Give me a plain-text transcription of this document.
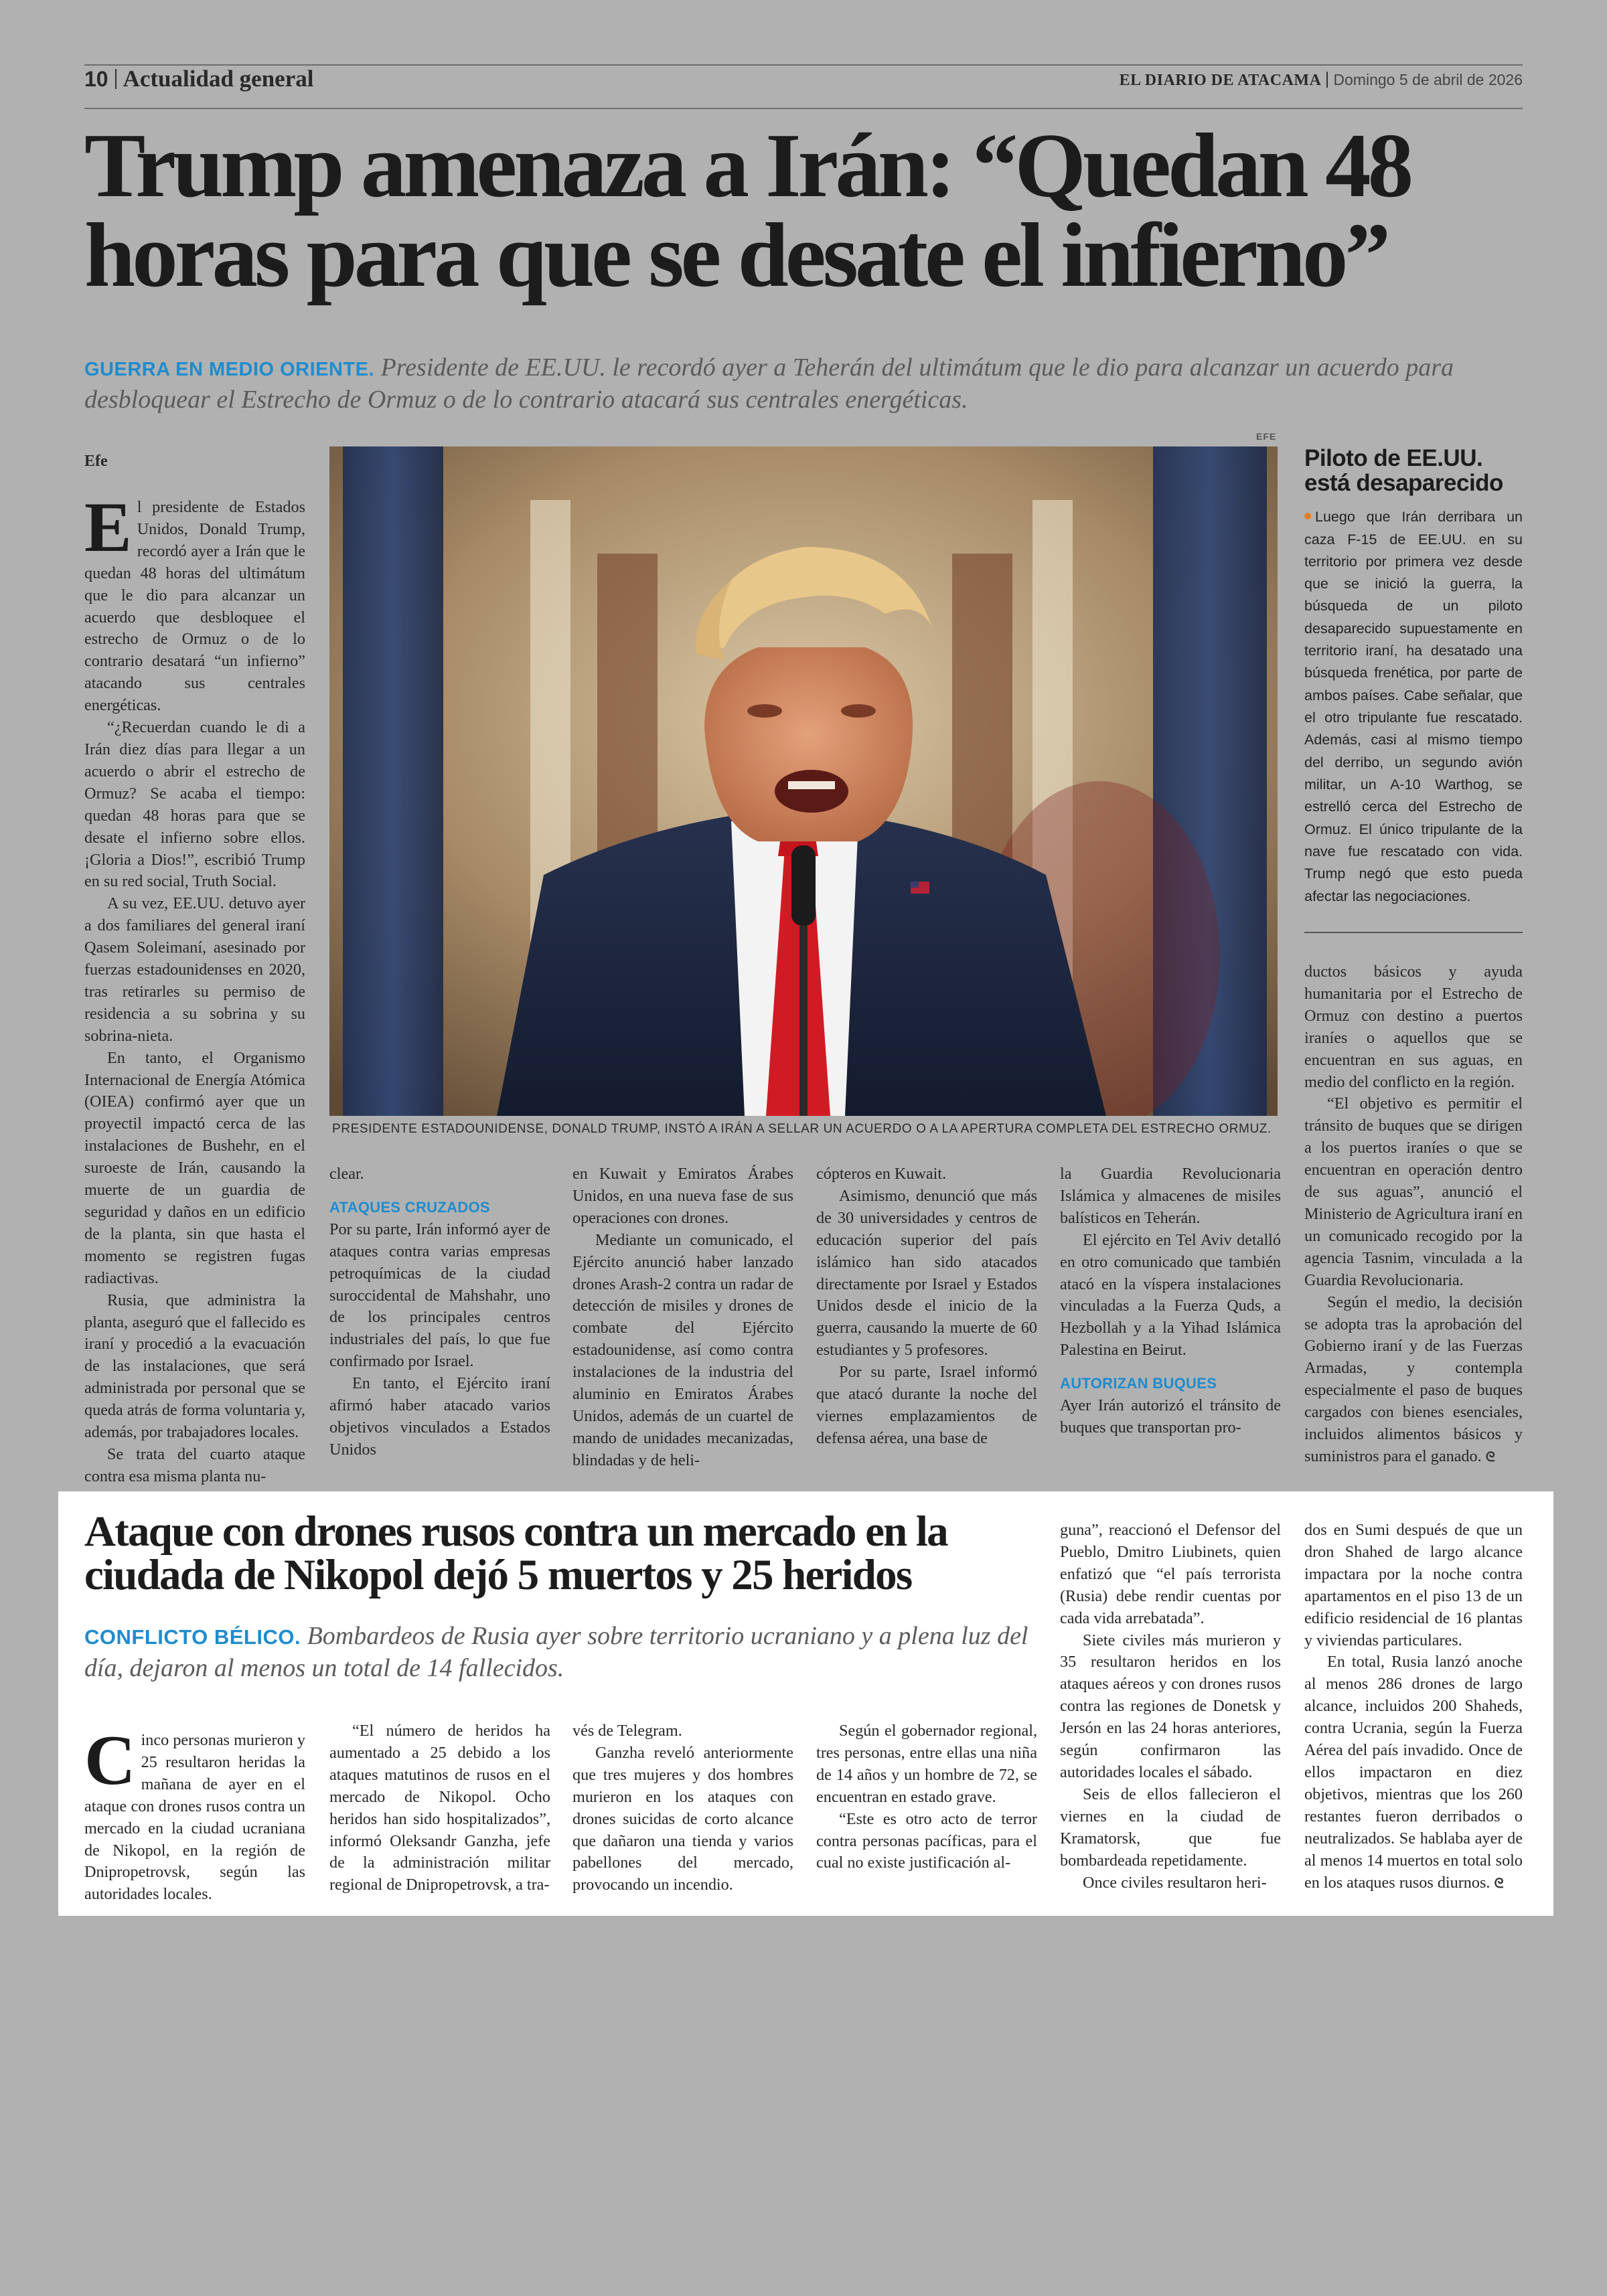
10 Actualidad general	EL DIARIO DE ATACAMA Domingo 5 de abril de 2026
Trump amenaza a Irán: “Quedan 48 horas para que se desate el infierno”

GUERRA EN MEDIO ORIENTE. Presidente de EE.UU. le recordó ayer a Teherán del ultimátum que le dio para alcanzar un acuerdo para desbloquear el Estrecho de Ormuz o de lo contrario atacará sus centrales energéticas.

Efe

El presidente de Estados Unidos, Donald Trump, recordó ayer a Irán que le quedan 48 horas del ultimátum que le dio para alcanzar un acuerdo que desbloquee el estrecho de Ormuz o de lo contrario desatará “un infierno” atacando sus centrales energéticas.

“¿Recuerdan cuando le di a Irán diez días para llegar a un acuerdo o abrir el estrecho de Ormuz? Se acaba el tiempo: quedan 48 horas para que se desate el infierno sobre ellos. ¡Gloria a Dios!”, escribió Trump en su red social, Truth Social.

A su vez, EE.UU. detuvo ayer a dos familiares del general iraní Qasem Soleimaní, asesinado por fuerzas estadounidenses en 2020, tras retirarles su permiso de residencia a su sobrina y su sobrina-nieta.

En tanto, el Organismo Internacional de Energía Atómica (OIEA) confirmó ayer que un proyectil impactó cerca de las instalaciones de Bushehr, en el suroeste de Irán, causando la muerte de un guardia de seguridad y daños en un edificio de la planta, sin que hasta el momento se registren fugas radiactivas.

Rusia, que administra la planta, aseguró que el fallecido es iraní y procedió a la evacuación de las instalaciones, que será administrada por personal que se queda atrás de forma voluntaria y, además, por trabajadores locales.

Se trata del cuarto ataque contra esa misma planta nu-

EFE

PRESIDENTE ESTADOUNIDENSE, DONALD TRUMP, INSTÓ A IRÁN A SELLAR UN ACUERDO O A LA APERTURA COMPLETA DEL ESTRECHO ORMUZ.

Piloto de EE.UU. está desaparecido

Luego que Irán derribara un caza F-15 de EE.UU. en su territorio por primera vez desde que se inició la guerra, la búsqueda de un piloto desaparecido supuestamente en territorio iraní, ha desatado una búsqueda frenética, por parte de ambos países. Cabe señalar, que el otro tripulante fue rescatado. Además, casi al mismo tiempo del derribo, un segundo avión militar, un A-10 Warthog, se estrelló cerca del Estrecho de Ormuz. El único tripulante de la nave fue rescatado con vida. Trump negó que esto pueda afectar las negociaciones.

clear.

ATAQUES CRUZADOS

Por su parte, Irán informó ayer de ataques contra varias empresas petroquímicas de la ciudad suroccidental de Mahshahr, uno de los principales centros industriales del país, lo que fue confirmado por Israel.

En tanto, el Ejército iraní afirmó haber atacado varios objetivos vinculados a Estados Unidos

en Kuwait y Emiratos Árabes Unidos, en una nueva fase de sus operaciones con drones.

Mediante un comunicado, el Ejército anunció haber lanzado drones Arash-2 contra un radar de detección de misiles y drones de combate del Ejército estadounidense, así como contra instalaciones de la industria del aluminio en Emiratos Árabes Unidos, además de un cuartel de mando de unidades mecanizadas, blindadas y de heli-

cópteros en Kuwait.

Asimismo, denunció que más de 30 universidades y centros de educación superior del país islámico han sido atacados directamente por Israel y Estados Unidos desde el inicio de la guerra, causando la muerte de 60 estudiantes y 5 profesores.

Por su parte, Israel informó que atacó durante la noche del viernes emplazamientos de defensa aérea, una base de

la Guardia Revolucionaria Islámica y almacenes de misiles balísticos en Teherán.

El ejército en Tel Aviv detalló en otro comunicado que también atacó en la víspera instalaciones vinculadas a la Fuerza Quds, a Hezbollah y a la Yihad Islámica Palestina en Beirut.

AUTORIZAN BUQUES

Ayer Irán autorizó el tránsito de buques que transportan pro-

ductos básicos y ayuda humanitaria por el Estrecho de Ormuz con destino a puertos iraníes o aquellos que se encuentran en sus aguas, en medio del conflicto en la región.

“El objetivo es permitir el tránsito de buques que se dirigen a los puertos iraníes o que se encuentran en operación dentro de sus aguas”, anunció el Ministerio de Agricultura iraní en un comunicado recogido por la agencia Tasnim, vinculada a la Guardia Revolucionaria.

Según el medio, la decisión se adopta tras la aprobación del Gobierno iraní y de las Fuerzas Armadas, y contempla especialmente el paso de buques cargados con bienes esenciales, incluidos alimentos básicos y suministros para el ganado. ᘓ

Ataque con drones rusos contra un mercado en la ciudada de Nikopol dejó 5 muertos y 25 heridos

CONFLICTO BÉLICO. Bombardeos de Rusia ayer sobre territorio ucraniano y a plena luz del día, dejaron al menos un total de 14 fallecidos.

Cinco personas murieron y 25 resultaron heridas la mañana de ayer en el ataque con drones rusos contra un mercado en la ciudad ucraniana de Nikopol, en la región de Dnipropetrovsk, según las autoridades locales.

“El número de heridos ha aumentado a 25 debido a los ataques matutinos de rusos en el mercado de Nikopol. Ocho heridos han sido hospitalizados”, informó Oleksandr Ganzha, jefe de la administración militar regional de Dnipropetrovsk, a tra-

vés de Telegram.

Ganzha reveló anteriormente que tres mujeres y dos hombres murieron en los ataques con drones suicidas de corto alcance que dañaron una tienda y varios pabellones del mercado, provocando un incendio.

Según el gobernador regional, tres personas, entre ellas una niña de 14 años y un hombre de 72, se encuentran en estado grave.

“Este es otro acto de terror contra personas pacíficas, para el cual no existe justificación al-

guna”, reaccionó el Defensor del Pueblo, Dmitro Liubinets, quien enfatizó que “el país terrorista (Rusia) debe rendir cuentas por cada vida arrebatada”.

Siete civiles más murieron y 35 resultaron heridos en los ataques aéreos y con drones rusos contra las regiones de Donetsk y Jersón en las 24 horas anteriores, según confirmaron las autoridades locales el sábado.

Seis de ellos fallecieron el viernes en la ciudad de Kramatorsk, que fue bombardeada repetidamente.

Once civiles resultaron heri-

dos en Sumi después de que un dron Shahed de largo alcance impactara por la noche contra apartamentos en el piso 13 de un edificio residencial de 16 plantas y viviendas particulares.

En total, Rusia lanzó anoche al menos 286 drones de largo alcance, incluidos 200 Shaheds, contra Ucrania, según la Fuerza Aérea del país invadido. Once de ellos impactaron en diez objetivos, mientras que los 260 restantes fueron derribados o neutralizados. Se hablaba ayer de al menos 14 muertos en total solo en los ataques rusos diurnos. ᘓ
